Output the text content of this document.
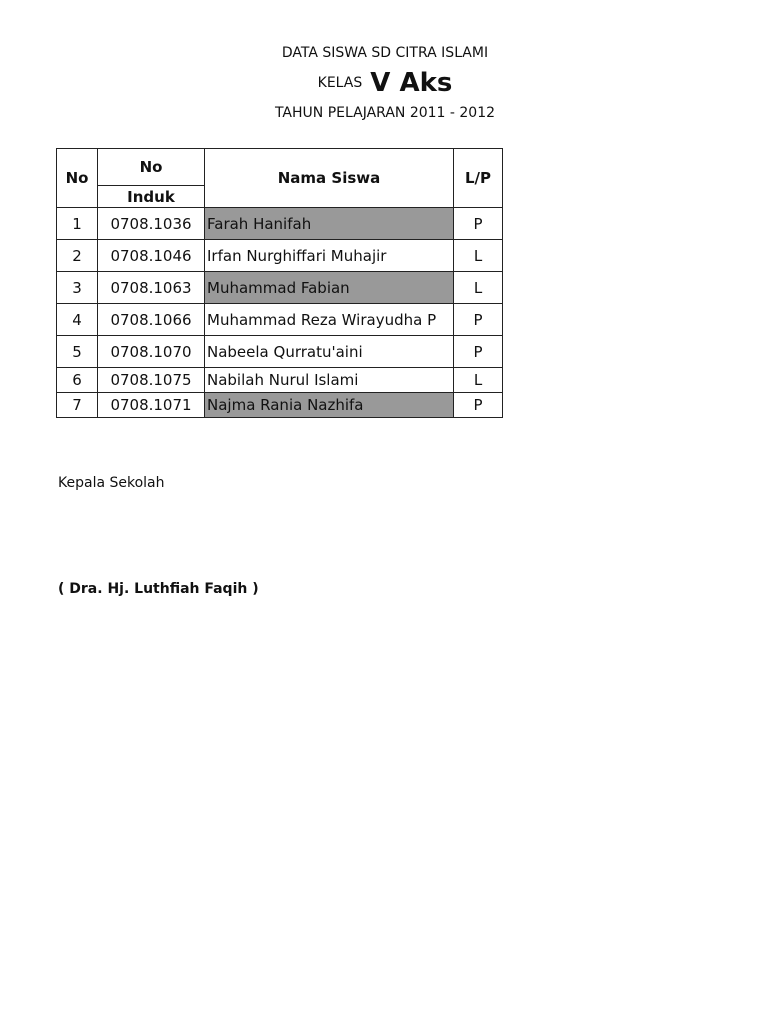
DATA SISWA SD CITRA ISLAMI
KELAS V Aks
TAHUN PELAJARAN 2011 - 2012
No	No	Nama Siswa	L/P
	Induk		
1	0708.1036	Farah Hanifah	P
2	0708.1046	Irfan Nurghiffari Muhajir	L
3	0708.1063	Muhammad Fabian	L
4	0708.1066	Muhammad Reza Wirayudha P	P
5	0708.1070	Nabeela Qurratu'aini	P
6	0708.1075	Nabilah Nurul Islami	L
7	0708.1071	Najma Rania Nazhifa	P
Kepala Sekolah
( Dra. Hj. Luthfiah Faqih )
